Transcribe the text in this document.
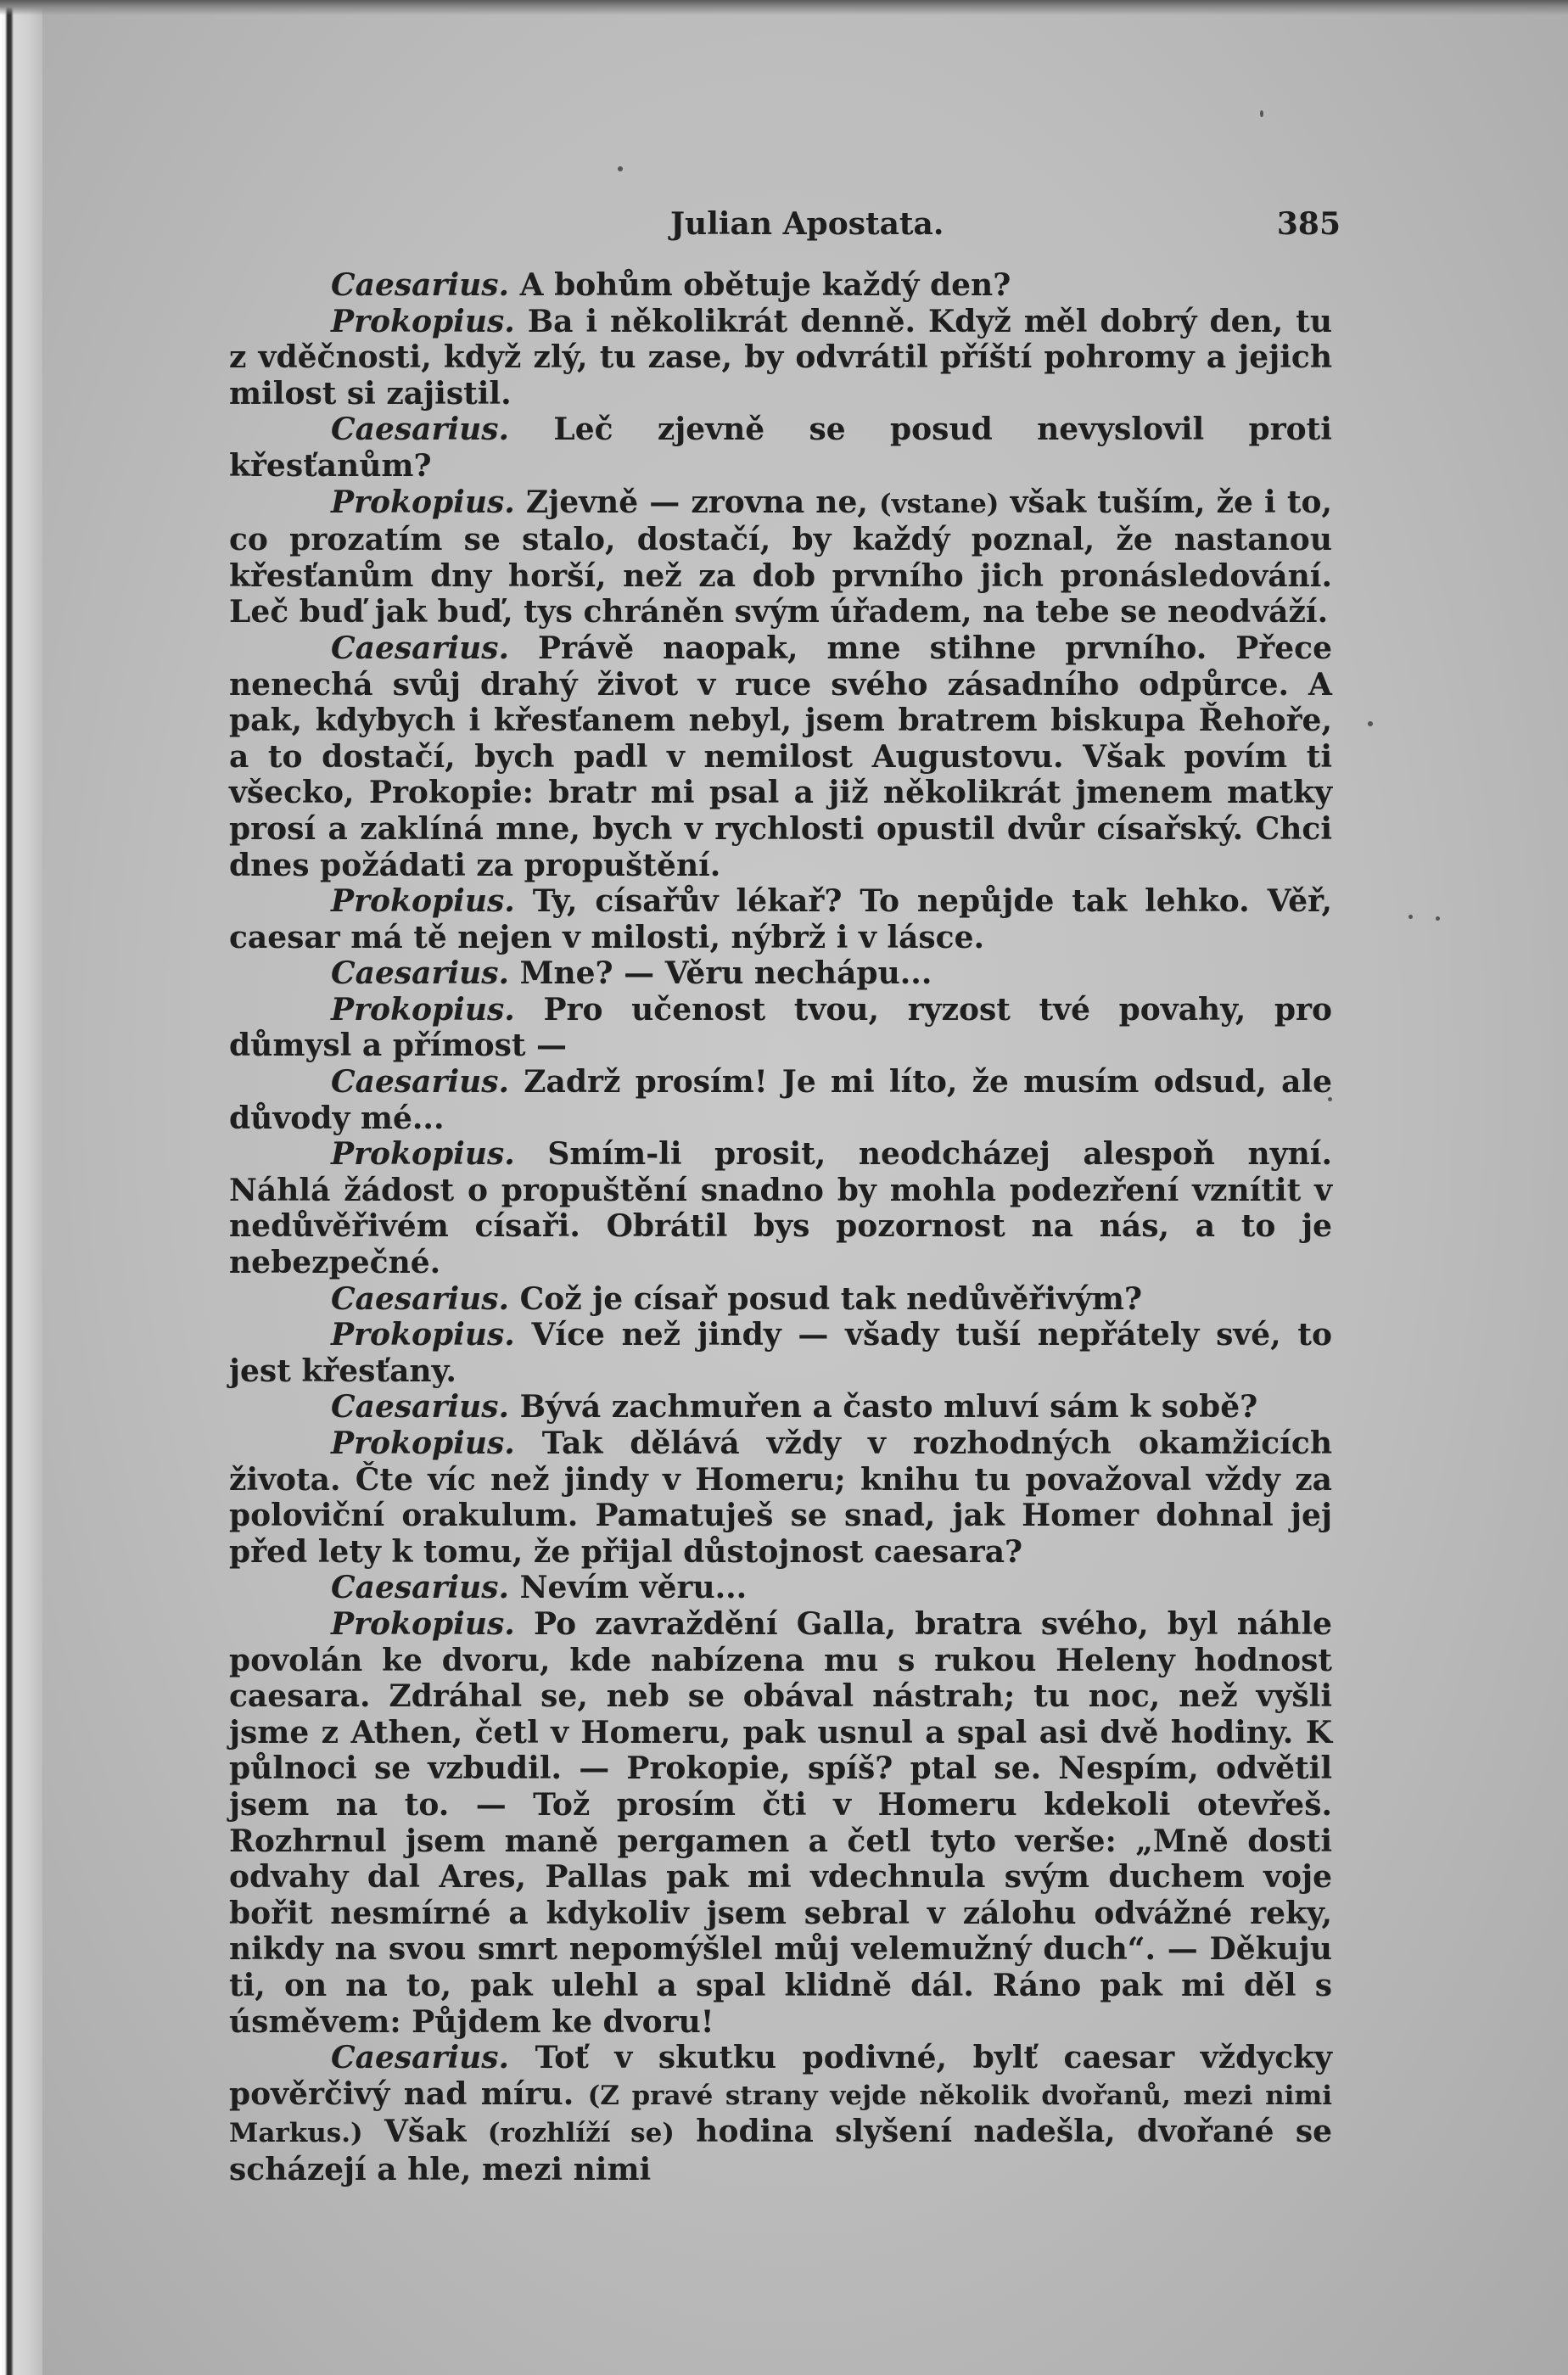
Julian Apostata.	385

Caesarius. A bohům obětuje každý den?

Prokopius. Ba i několikrát denně. Když měl dobrý den, tu z vděčnosti, když zlý, tu zase, by odvrátil příští pohromy a jejich milost si zajistil.

Caesarius. Leč zjevně se posud nevyslovil proti křesťanům?

Prokopius. Zjevně — zrovna ne, (vstane) však tuším, že i to, co prozatím se stalo, dostačí, by každý poznal, že nastanou křesťanům dny horší, než za dob prvního jich pronásledování. Leč buď jak buď, tys chráněn svým úřadem, na tebe se neodváží.

Caesarius. Právě naopak, mne stihne prvního. Přece nenechá svůj drahý život v ruce svého zásadního odpůrce. A pak, kdybych i křesťanem nebyl, jsem bratrem biskupa Řehoře, a to dostačí, bych padl v nemilost Augustovu. Však povím ti všecko, Prokopie: bratr mi psal a již několikrát jmenem matky prosí a zaklíná mne, bych v rychlosti opustil dvůr císařský. Chci dnes požádati za propuštění.

Prokopius. Ty, císařův lékař? To nepůjde tak lehko. Věř, caesar má tě nejen v milosti, nýbrž i v lásce.

Caesarius. Mne? — Věru nechápu...

Prokopius. Pro učenost tvou, ryzost tvé povahy, pro důmysl a přímost —

Caesarius. Zadrž prosím! Je mi líto, že musím odsud, ale důvody mé...

Prokopius. Smím-li prosit, neodcházej alespoň nyní. Náhlá žádost o propuštění snadno by mohla podezření vznítit v nedůvěřivém císaři. Obrátil bys pozornost na nás, a to je nebezpečné.

Caesarius. Což je císař posud tak nedůvěřivým?

Prokopius. Více než jindy — všady tuší nepřátely své, to jest křesťany.

Caesarius. Bývá zachmuřen a často mluví sám k sobě?

Prokopius. Tak dělává vždy v rozhodných okamžicích života. Čte víc než jindy v Homeru; knihu tu považoval vždy za poloviční orakulum. Pamatuješ se snad, jak Homer dohnal jej před lety k tomu, že přijal důstojnost caesara?

Caesarius. Nevím věru...

Prokopius. Po zavraždění Galla, bratra svého, byl náhle povolán ke dvoru, kde nabízena mu s rukou Heleny hodnost caesara. Zdráhal se, neb se obával nástrah; tu noc, než vyšli jsme z Athen, četl v Homeru, pak usnul a spal asi dvě hodiny. K půlnoci se vzbudil. — Prokopie, spíš? ptal se. Nespím, odvětil jsem na to. — Tož prosím čti v Homeru kdekoli otevřeš. Rozhrnul jsem maně pergamen a četl tyto verše: „Mně dosti odvahy dal Ares, Pallas pak mi vdechnula svým duchem voje bořit nesmírné a kdykoliv jsem sebral v zálohu odvážné reky, nikdy na svou smrt nepomýšlel můj velemužný duch“. — Děkuju ti, on na to, pak ulehl a spal klidně dál. Ráno pak mi děl s úsměvem: Půjdem ke dvoru!

Caesarius. Toť v skutku podivné, bylť caesar vždycky pověrčivý nad míru. (Z pravé strany vejde několik dvořanů, mezi nimi Markus.) Však (rozhlíží se) hodina slyšení nadešla, dvořané se scházejí a hle, mezi nimi
